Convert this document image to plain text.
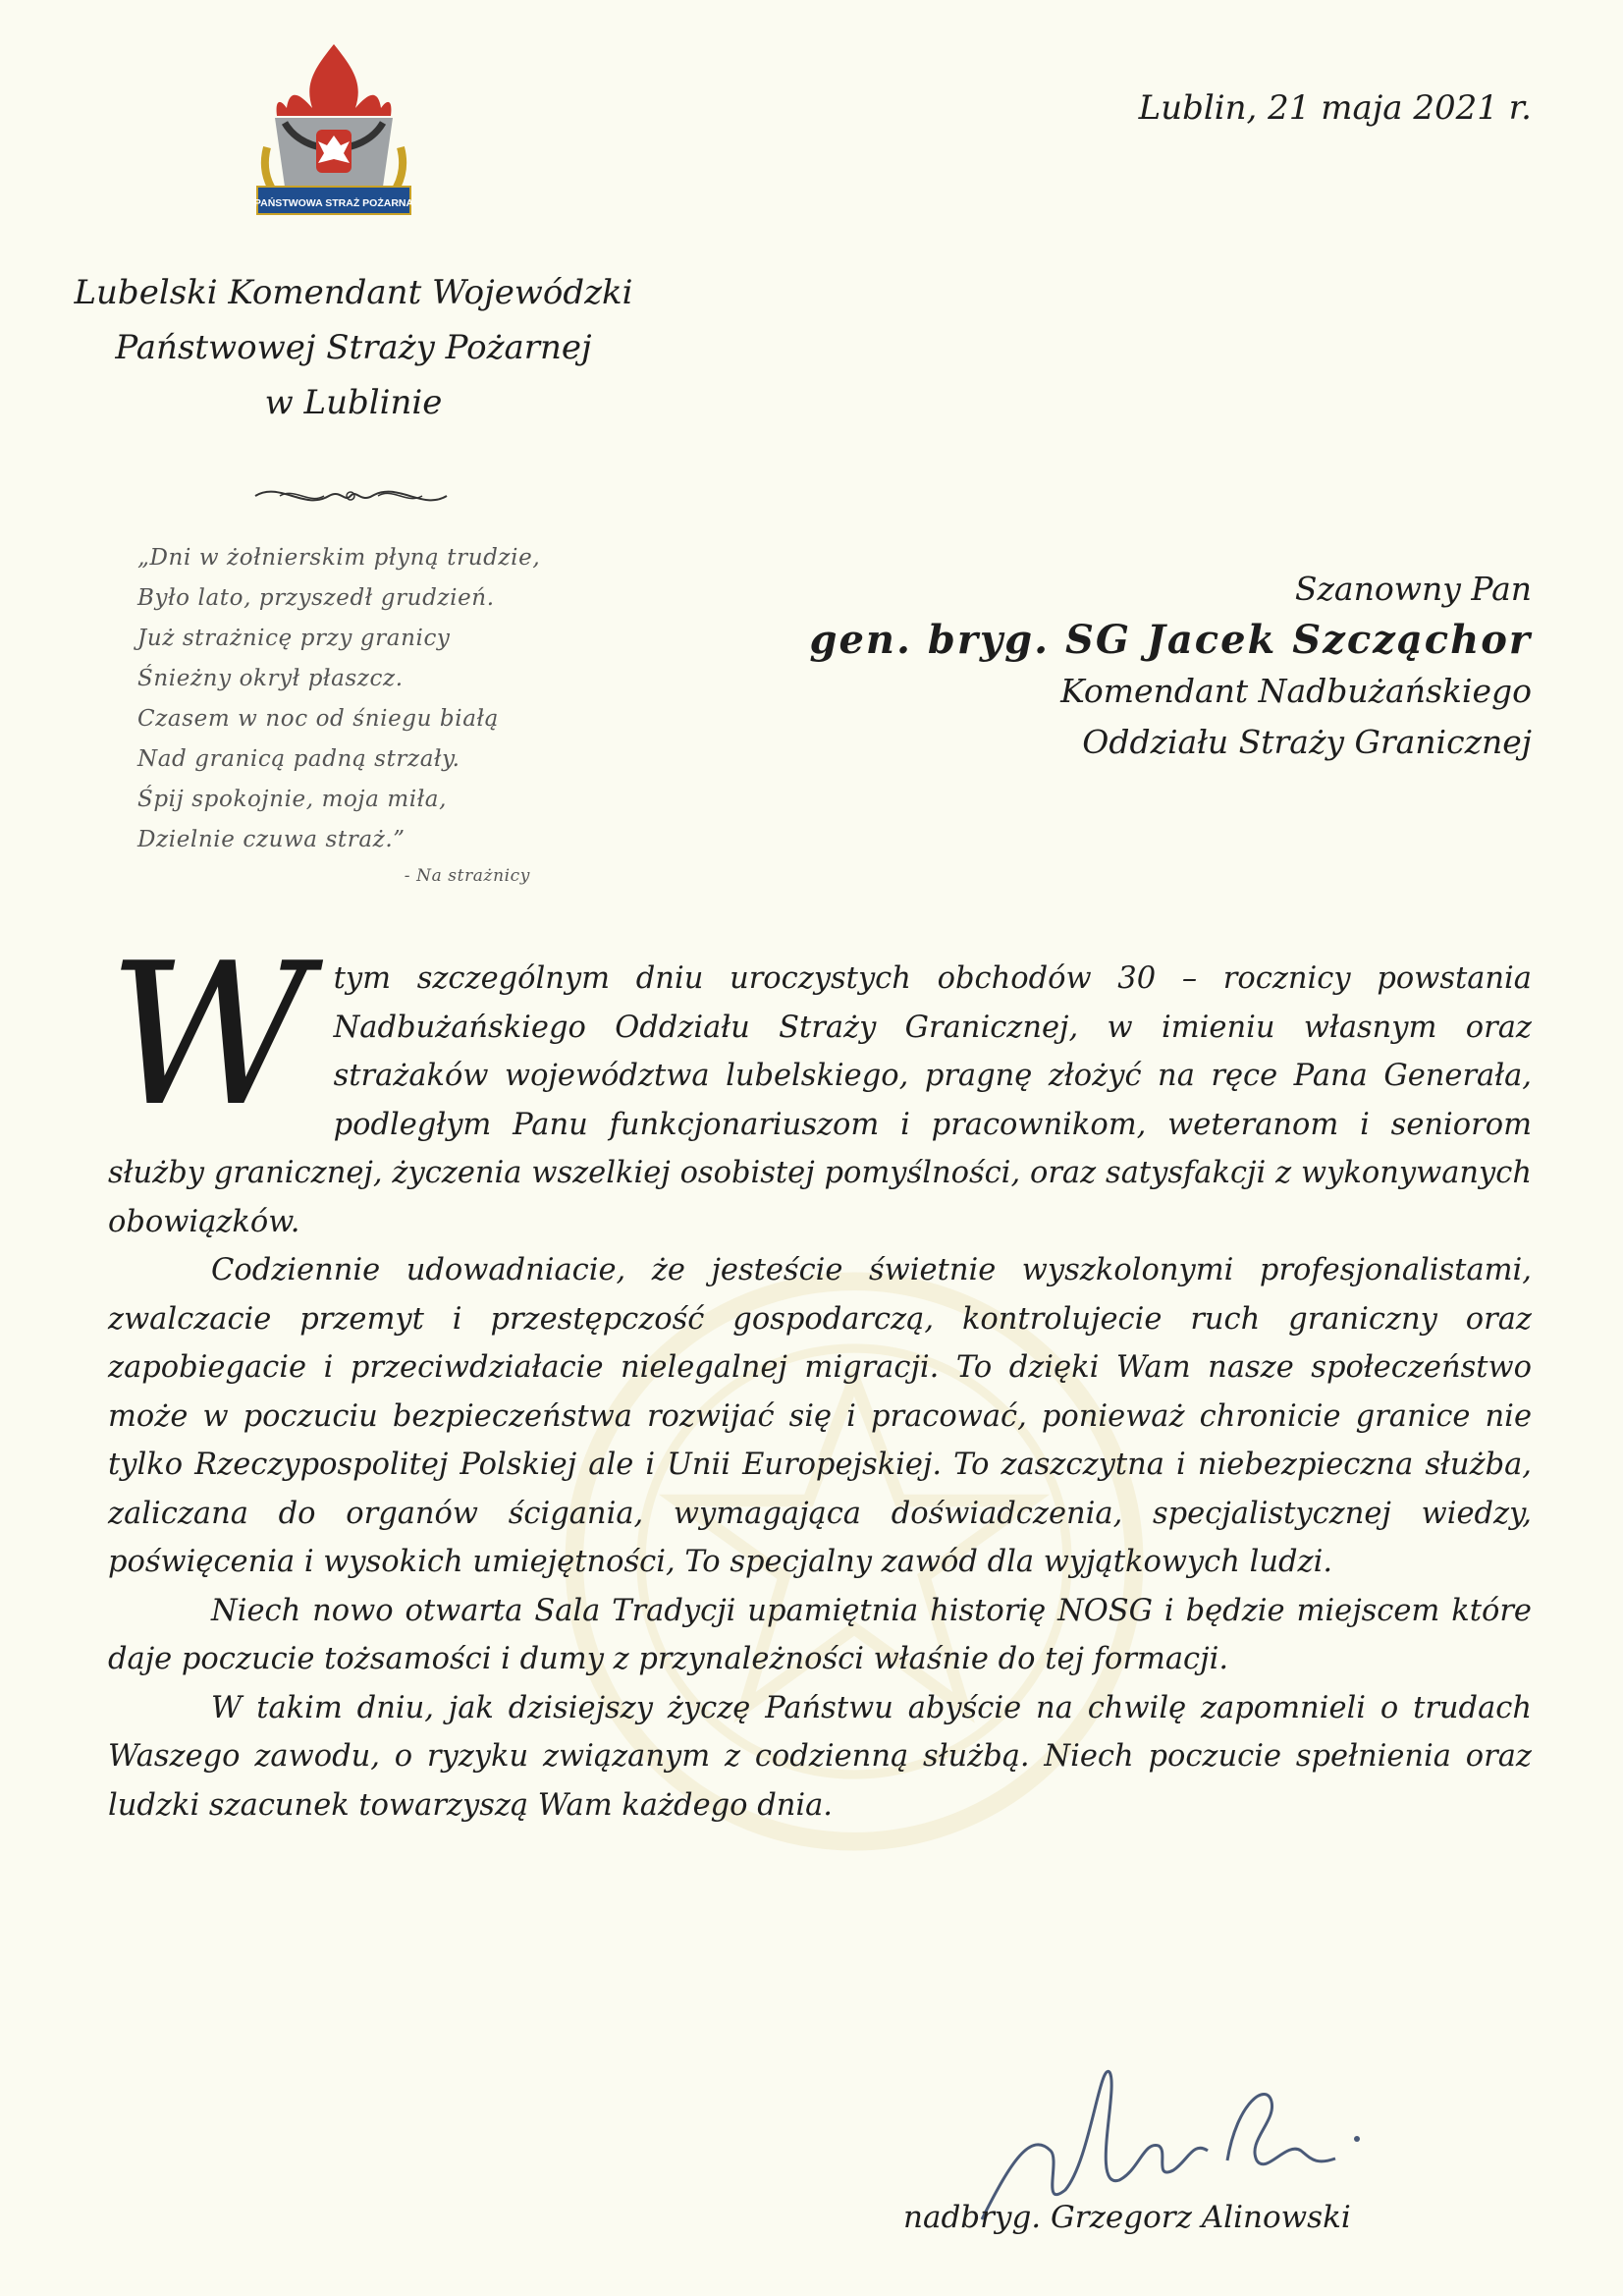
PAŃSTWOWA STRAŻ POŻARNA
Lubelski Komendant Wojewódzki
Państwowej Straży Pożarnej
w Lublinie
Lublin, 21 maja 2021 r.
„Dni w żołnierskim płyną trudzie,
Było lato, przyszedł grudzień.
Już strażnicę przy granicy
Śnieżny okrył płaszcz.
Czasem w noc od śniegu białą
Nad granicą padną strzały.
Śpij spokojnie, moja miła,
Dzielnie czuwa straż.”
- Na strażnicy
Szanowny Pan
gen. bryg. SG Jacek Szcząchor
Komendant Nadbużańskiego
Oddziału Straży Granicznej

W tym szczególnym dniu uroczystych obchodów 30 – rocznicy powstania Nadbużańskiego Oddziału Straży Granicznej, w imieniu własnym oraz strażaków województwa lubelskiego, pragnę złożyć na ręce Pana Generała, podległym Panu funkcjonariuszom i pracownikom, weteranom i seniorom służby granicznej, życzenia wszelkiej osobistej pomyślności, oraz satysfakcji z wykonywanych obowiązków.

Codziennie udowadniacie, że jesteście świetnie wyszkolonymi profesjonalistami, zwalczacie przemyt i przestępczość gospodarczą, kontrolujecie ruch graniczny oraz zapobiegacie i przeciwdziałacie nielegalnej migracji. To dzięki Wam nasze społeczeństwo może w poczuciu bezpieczeństwa rozwijać się i pracować, ponieważ chronicie granice nie tylko Rzeczypospolitej Polskiej ale i Unii Europejskiej. To zaszczytna i niebezpieczna służba, zaliczana do organów ścigania, wymagająca doświadczenia, specjalistycznej wiedzy, poświęcenia i wysokich umiejętności, To specjalny zawód dla wyjątkowych ludzi.

Niech nowo otwarta Sala Tradycji upamiętnia historię NOSG i będzie miejscem które daje poczucie tożsamości i dumy z przynależności właśnie do tej formacji.

W takim dniu, jak dzisiejszy życzę Państwu abyście na chwilę zapomnieli o trudach Waszego zawodu, o ryzyku związanym z codzienną służbą. Niech poczucie spełnienia oraz ludzki szacunek towarzyszą Wam każdego dnia.

nadbryg. Grzegorz Alinowski
